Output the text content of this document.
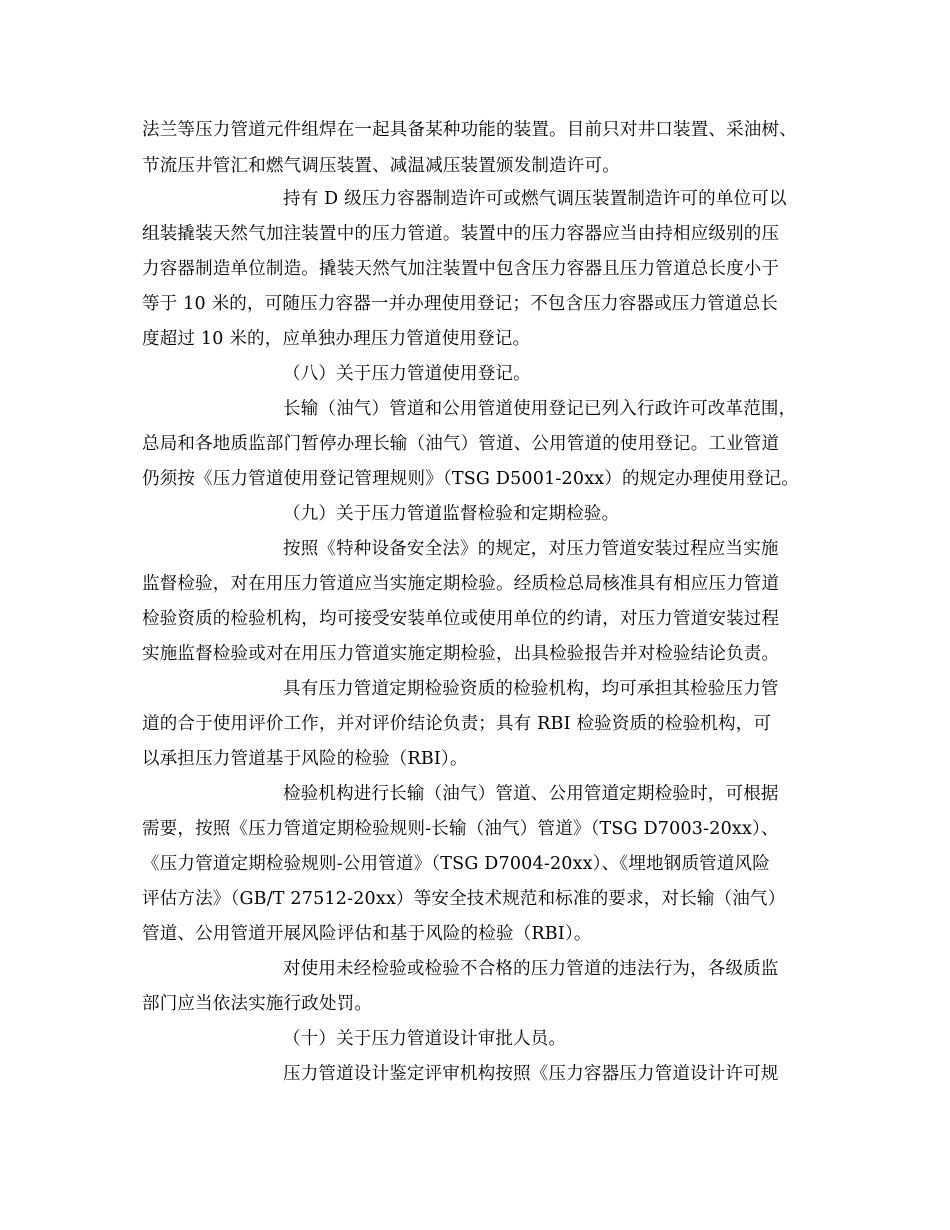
法兰等压力管道元件组焊在一起具备某种功能的装置。目前只对井口装置、采油树、
节流压井管汇和燃气调压装置、减温减压装置颁发制造许可。
持有 D 级压力容器制造许可或燃气调压装置制造许可的单位可以
组装撬装天然气加注装置中的压力管道。装置中的压力容器应当由持相应级别的压
力容器制造单位制造。撬装天然气加注装置中包含压力容器且压力管道总长度小于
等于 10 米的，可随压力容器一并办理使用登记；不包含压力容器或压力管道总长
度超过 10 米的，应单独办理压力管道使用登记。
（八）关于压力管道使用登记。
长输（油气）管道和公用管道使用登记已列入行政许可改革范围，
总局和各地质监部门暂停办理长输（油气）管道、公用管道的使用登记。工业管道
仍须按《压力管道使用登记管理规则》（TSG D5001-20xx）的规定办理使用登记。
（九）关于压力管道监督检验和定期检验。
按照《特种设备安全法》的规定，对压力管道安装过程应当实施
监督检验，对在用压力管道应当实施定期检验。经质检总局核准具有相应压力管道
检验资质的检验机构，均可接受安装单位或使用单位的约请，对压力管道安装过程
实施监督检验或对在用压力管道实施定期检验，出具检验报告并对检验结论负责。
具有压力管道定期检验资质的检验机构，均可承担其检验压力管
道的合于使用评价工作，并对评价结论负责；具有 RBI 检验资质的检验机构，可
以承担压力管道基于风险的检验（RBI）。
检验机构进行长输（油气）管道、公用管道定期检验时，可根据
需要，按照《压力管道定期检验规则-长输（油气）管道》（TSG D7003-20xx）、
《压力管道定期检验规则-公用管道》（TSG D7004-20xx）、《埋地钢质管道风险
评估方法》（GB/T 27512-20xx）等安全技术规范和标准的要求，对长输（油气）
管道、公用管道开展风险评估和基于风险的检验（RBI）。
对使用未经检验或检验不合格的压力管道的违法行为，各级质监
部门应当依法实施行政处罚。
（十）关于压力管道设计审批人员。
压力管道设计鉴定评审机构按照《压力容器压力管道设计许可规
